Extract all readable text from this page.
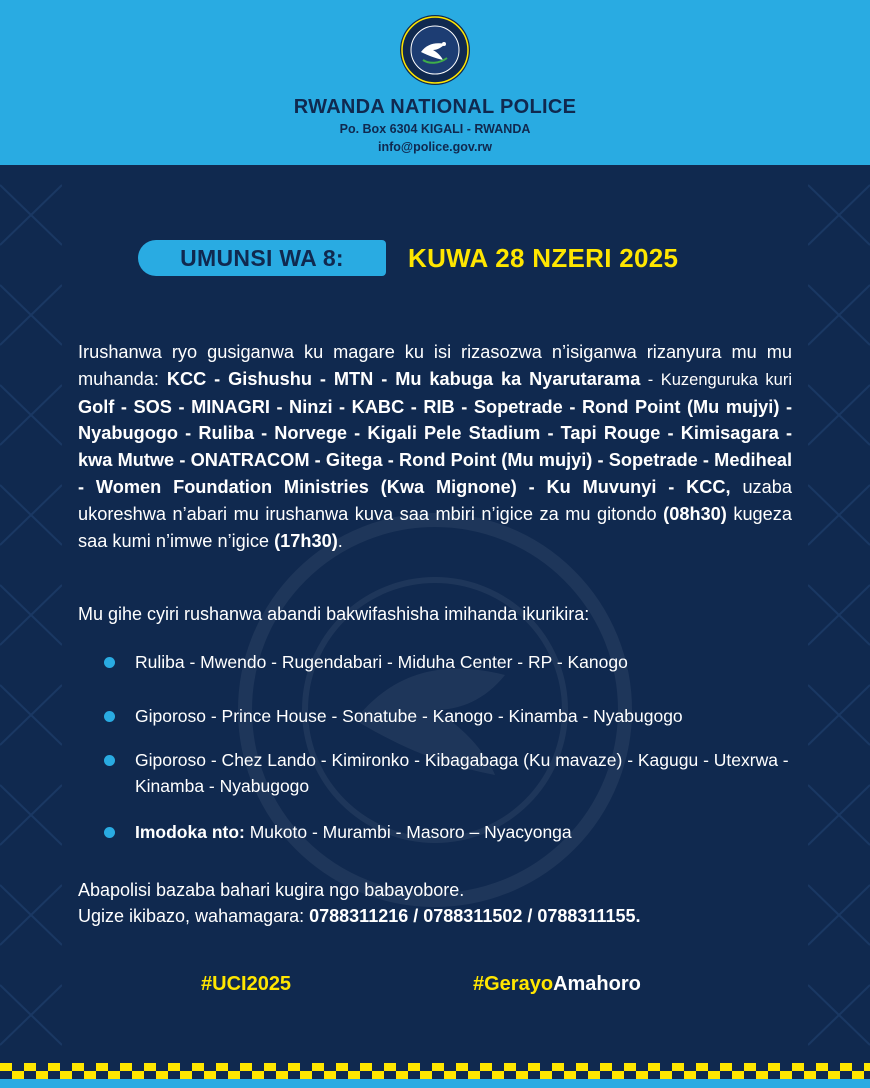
RWANDA NATIONAL POLICE
Po. Box 6304 KIGALI - RWANDA
info@police.gov.rw
UMUNSI WA 8:	KUWA 28 NZERI 2025
Irushanwa ryo gusiganwa ku magare ku isi rizasozwa n’isiganwa rizanyura mu mu muhanda: KCC - Gishushu - MTN - Mu kabuga ka Nyarutarama - Kuzenguruka kuri Golf - SOS - MINAGRI - Ninzi - KABC - RIB - Sopetrade - Rond Point (Mu mujyi) - Nyabugogo - Ruliba - Norvege - Kigali Pele Stadium - Tapi Rouge - Kimisagara - kwa Mutwe - ONATRACOM - Gitega - Rond Point (Mu mujyi) - Sopetrade - Mediheal - Women Foundation Ministries (Kwa Mignone) - Ku Muvunyi - KCC, uzaba ukoreshwa n’abari mu irushanwa kuva saa mbiri n’igice za mu gitondo (08h30) kugeza saa kumi n’imwe n’igice (17h30).
Mu gihe cyiri rushanwa abandi bakwifashisha imihanda ikurikira:
Ruliba - Mwendo - Rugendabari - Miduha Center - RP - Kanogo
Giporoso - Prince House - Sonatube - Kanogo - Kinamba - Nyabugogo
Giporoso - Chez Lando - Kimironko - Kibagabaga (Ku mavaze) - Kagugu - Utexrwa - Kinamba - Nyabugogo
Imodoka nto: Mukoto - Murambi - Masoro – Nyacyonga
Abapolisi bazaba bahari kugira ngo babayobore.
Ugize ikibazo, wahamagara: 0788311216 / 0788311502 / 0788311155.
#UCI2025	#GerayoAmahoro
